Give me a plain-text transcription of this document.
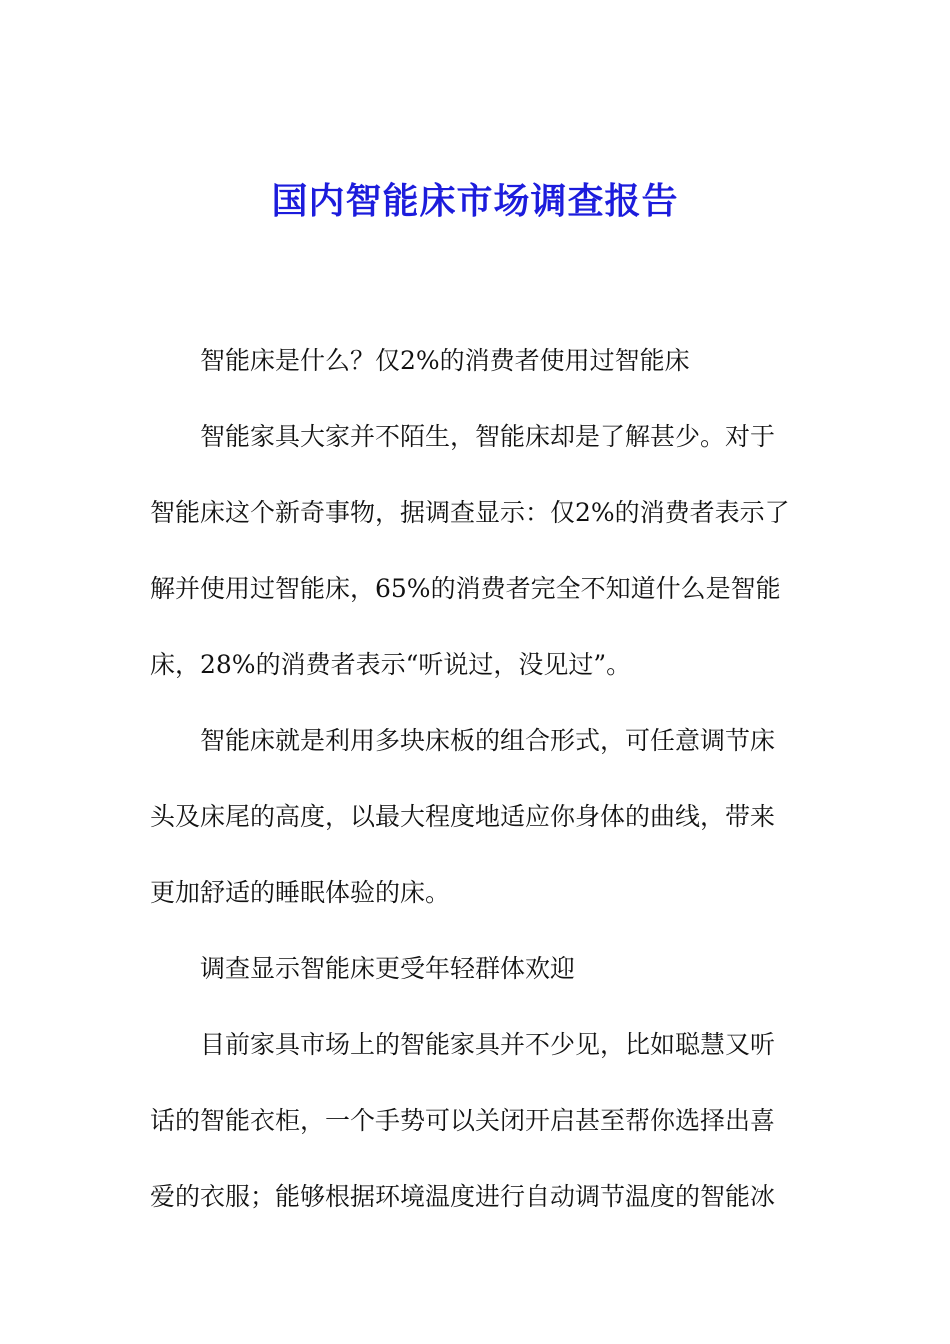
国内智能床市场调查报告

智能床是什么？仅2%的消费者使用过智能床

智能家具大家并不陌生，智能床却是了解甚少。对于

智能床这个新奇事物，据调查显示：仅2%的消费者表示了

解并使用过智能床，65%的消费者完全不知道什么是智能

床，28%的消费者表示“听说过，没见过”。

智能床就是利用多块床板的组合形式，可任意调节床

头及床尾的高度，以最大程度地适应你身体的曲线，带来

更加舒适的睡眠体验的床。

调查显示智能床更受年轻群体欢迎

目前家具市场上的智能家具并不少见，比如聪慧又听

话的智能衣柜，一个手势可以关闭开启甚至帮你选择出喜

爱的衣服；能够根据环境温度进行自动调节温度的智能冰
